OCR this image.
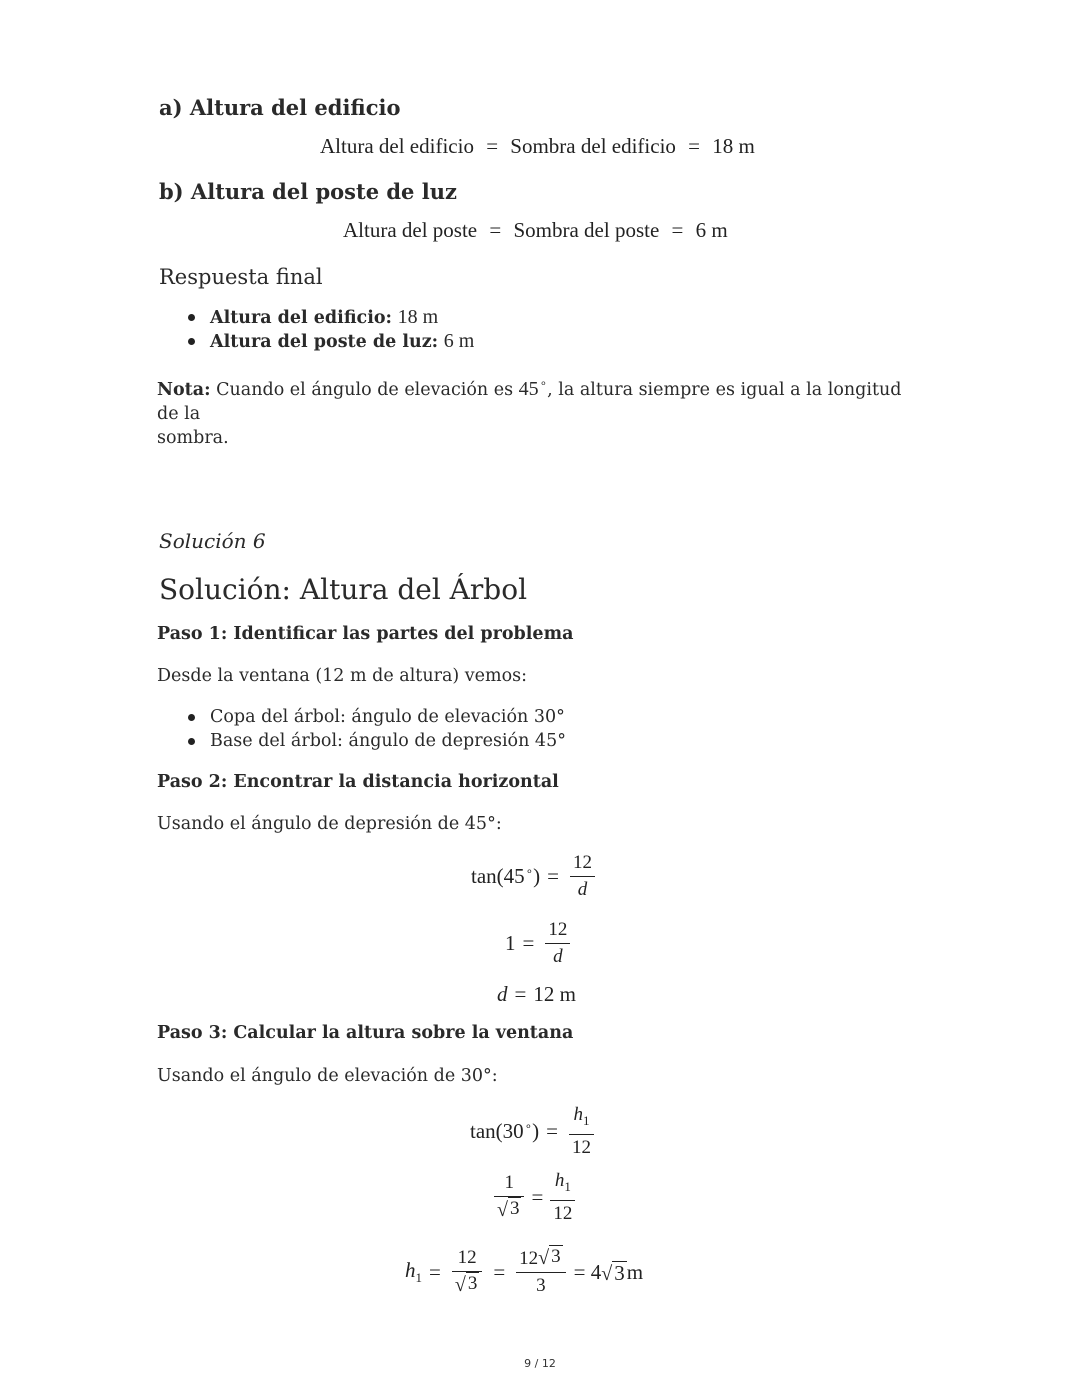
a) Altura del edificio
Altura del edificio = Sombra del edificio = 18 m
b) Altura del poste de luz
Altura del poste = Sombra del poste = 6 m
Respuesta final
Altura del edificio: 18 m
Altura del poste de luz: 6 m
Nota: Cuando el ángulo de elevación es 45∘, la altura siempre es igual a la longitud de la
sombra.
Solución 6
Solución: Altura del Árbol
Paso 1: Identificar las partes del problema
Desde la ventana (12 m de altura) vemos:
Copa del árbol: ángulo de elevación 30°
Base del árbol: ángulo de depresión 45°
Paso 2: Encontrar la distancia horizontal
Usando el ángulo de depresión de 45°:
$\tan(45^\circ) = \frac{12}{d}$
$1 = \frac{12}{d}$
d = 12 m
Paso 3: Calcular la altura sobre la ventana
Usando el ángulo de elevación de 30°:
$\tan(30^\circ) = \frac{h_1}{12}$
$\frac{1}{√ 3} = \frac{h_1}{12}$
$h_1 = \frac{12}{√ 3} = \frac{12 √ 3}{3} = 4$ √ 3 m
9 / 12
